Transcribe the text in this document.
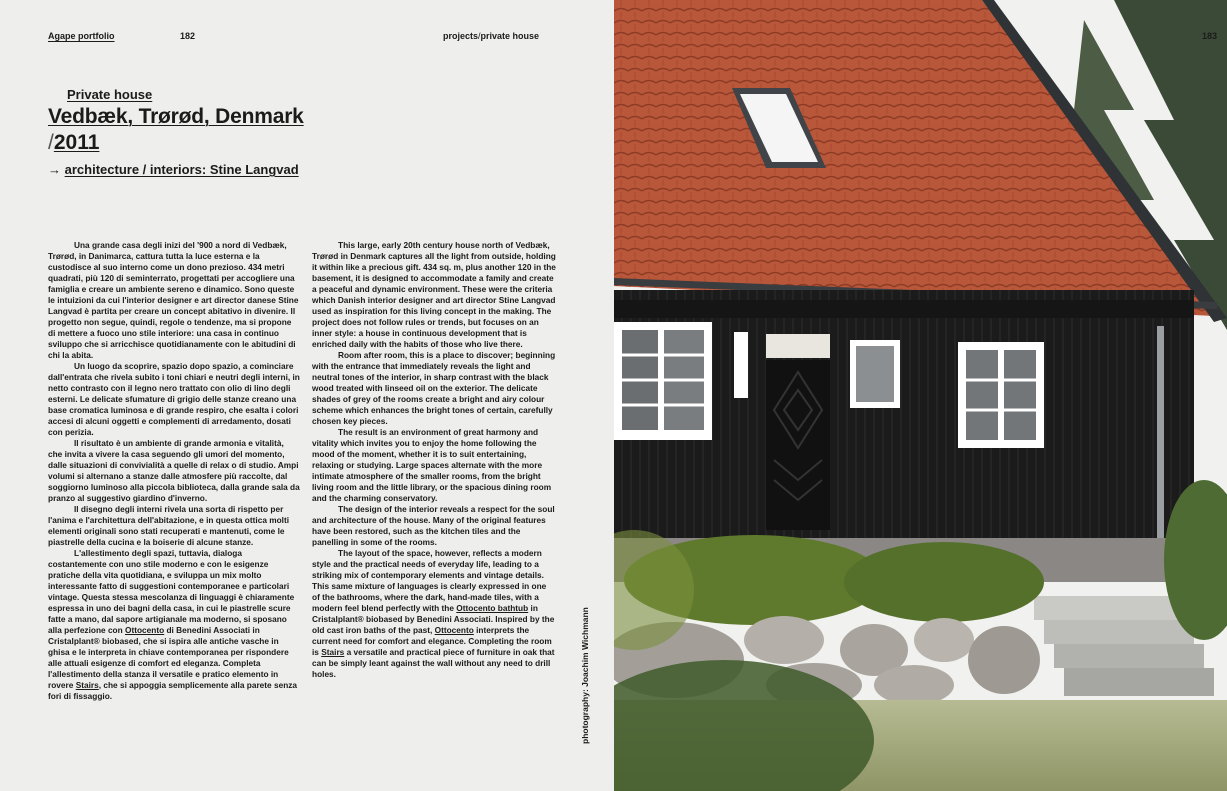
Agape portfolio	182	projects/private house
Private house
Vedbæk, Trørød, Denmark
/2011
→ architecture / interiors: Stine Langvad

Una grande casa degli inizi del '900 a nord di Vedbæk, Trørød, in Danimarca, cattura tutta la luce esterna e la custodisce al suo interno come un dono prezioso. 434 metri quadrati, più 120 di seminterrato, progettati per accogliere una famiglia e creare un ambiente sereno e dinamico. Sono queste le intuizioni da cui l'interior designer e art director danese Stine Langvad è partita per creare un concept abitativo in divenire. Il progetto non segue, quindi, regole o tendenze, ma si propone di mettere a fuoco uno stile interiore: una casa in continuo sviluppo che si arricchisce quotidianamente con le abitudini di chi la abita.

Un luogo da scoprire, spazio dopo spazio, a cominciare dall'entrata che rivela subito i toni chiari e neutri degli interni, in netto contrasto con il legno nero trattato con olio di lino degli esterni. Le delicate sfumature di grigio delle stanze creano una base cromatica luminosa e di grande respiro, che esalta i colori accesi di alcuni oggetti e complementi di arredamento, dosati con perizia.

Il risultato è un ambiente di grande armonia e vitalità, che invita a vivere la casa seguendo gli umori del momento, dalle situazioni di convivialità a quelle di relax o di studio. Ampi volumi si alternano a stanze dalle atmosfere più raccolte, dal soggiorno luminoso alla piccola biblioteca, dalla grande sala da pranzo al suggestivo giardino d'inverno.

Il disegno degli interni rivela una sorta di rispetto per l'anima e l'architettura dell'abitazione, e in questa ottica molti elementi originali sono stati recuperati e mantenuti, come le piastrelle della cucina e la boiserie di alcune stanze.

L'allestimento degli spazi, tuttavia, dialoga costantemente con uno stile moderno e con le esigenze pratiche della vita quotidiana, e sviluppa un mix molto interessante fatto di suggestioni contemporanee e particolari vintage. Questa stessa mescolanza di linguaggi è chiaramente espressa in uno dei bagni della casa, in cui le piastrelle scure fatte a mano, dal sapore artigianale ma moderno, si sposano alla perfezione con Ottocento di Benedini Associati in Cristalplant® biobased, che si ispira alle antiche vasche in ghisa e le interpreta in chiave contemporanea per rispondere alle attuali esigenze di comfort ed eleganza. Completa l'allestimento della stanza il versatile e pratico elemento in rovere Stairs, che si appoggia semplicemente alla parete senza fori di fissaggio.

This large, early 20th century house north of Vedbæk, Trørød in Denmark captures all the light from outside, holding it within like a precious gift. 434 sq. m, plus another 120 in the basement, it is designed to accommodate a family and create a peaceful and dynamic environment. These were the criteria which Danish interior designer and art director Stine Langvad used as inspiration for this living concept in the making. The project does not follow rules or trends, but focuses on an inner style: a house in continuous development that is enriched daily with the habits of those who live there.

Room after room, this is a place to discover; beginning with the entrance that immediately reveals the light and neutral tones of the interior, in sharp contrast with the black wood treated with linseed oil on the exterior. The delicate shades of grey of the rooms create a bright and airy colour scheme which enhances the bright tones of certain, carefully chosen key pieces.

The result is an environment of great harmony and vitality which invites you to enjoy the home following the mood of the moment, whether it is to suit entertaining, relaxing or studying. Large spaces alternate with the more intimate atmosphere of the smaller rooms, from the bright living room and the little library, or the spacious dining room and the charming conservatory.

The design of the interior reveals a respect for the soul and architecture of the house. Many of the original features have been restored, such as the kitchen tiles and the panelling in some of the rooms.

The layout of the space, however, reflects a modern style and the practical needs of everyday life, leading to a striking mix of contemporary elements and vintage details. This same mixture of languages is clearly expressed in one of the bathrooms, where the dark, hand-made tiles, with a modern feel blend perfectly with the Ottocento bathtub in Cristalplant® biobased by Benedini Associati. Inspired by the old cast iron baths of the past, Ottocento interprets the current need for comfort and elegance. Completing the room is Stairs a versatile and practical piece of furniture in oak that can be simply leant against the wall without any need to drill holes.	photography: Joachim Wichmann
183
